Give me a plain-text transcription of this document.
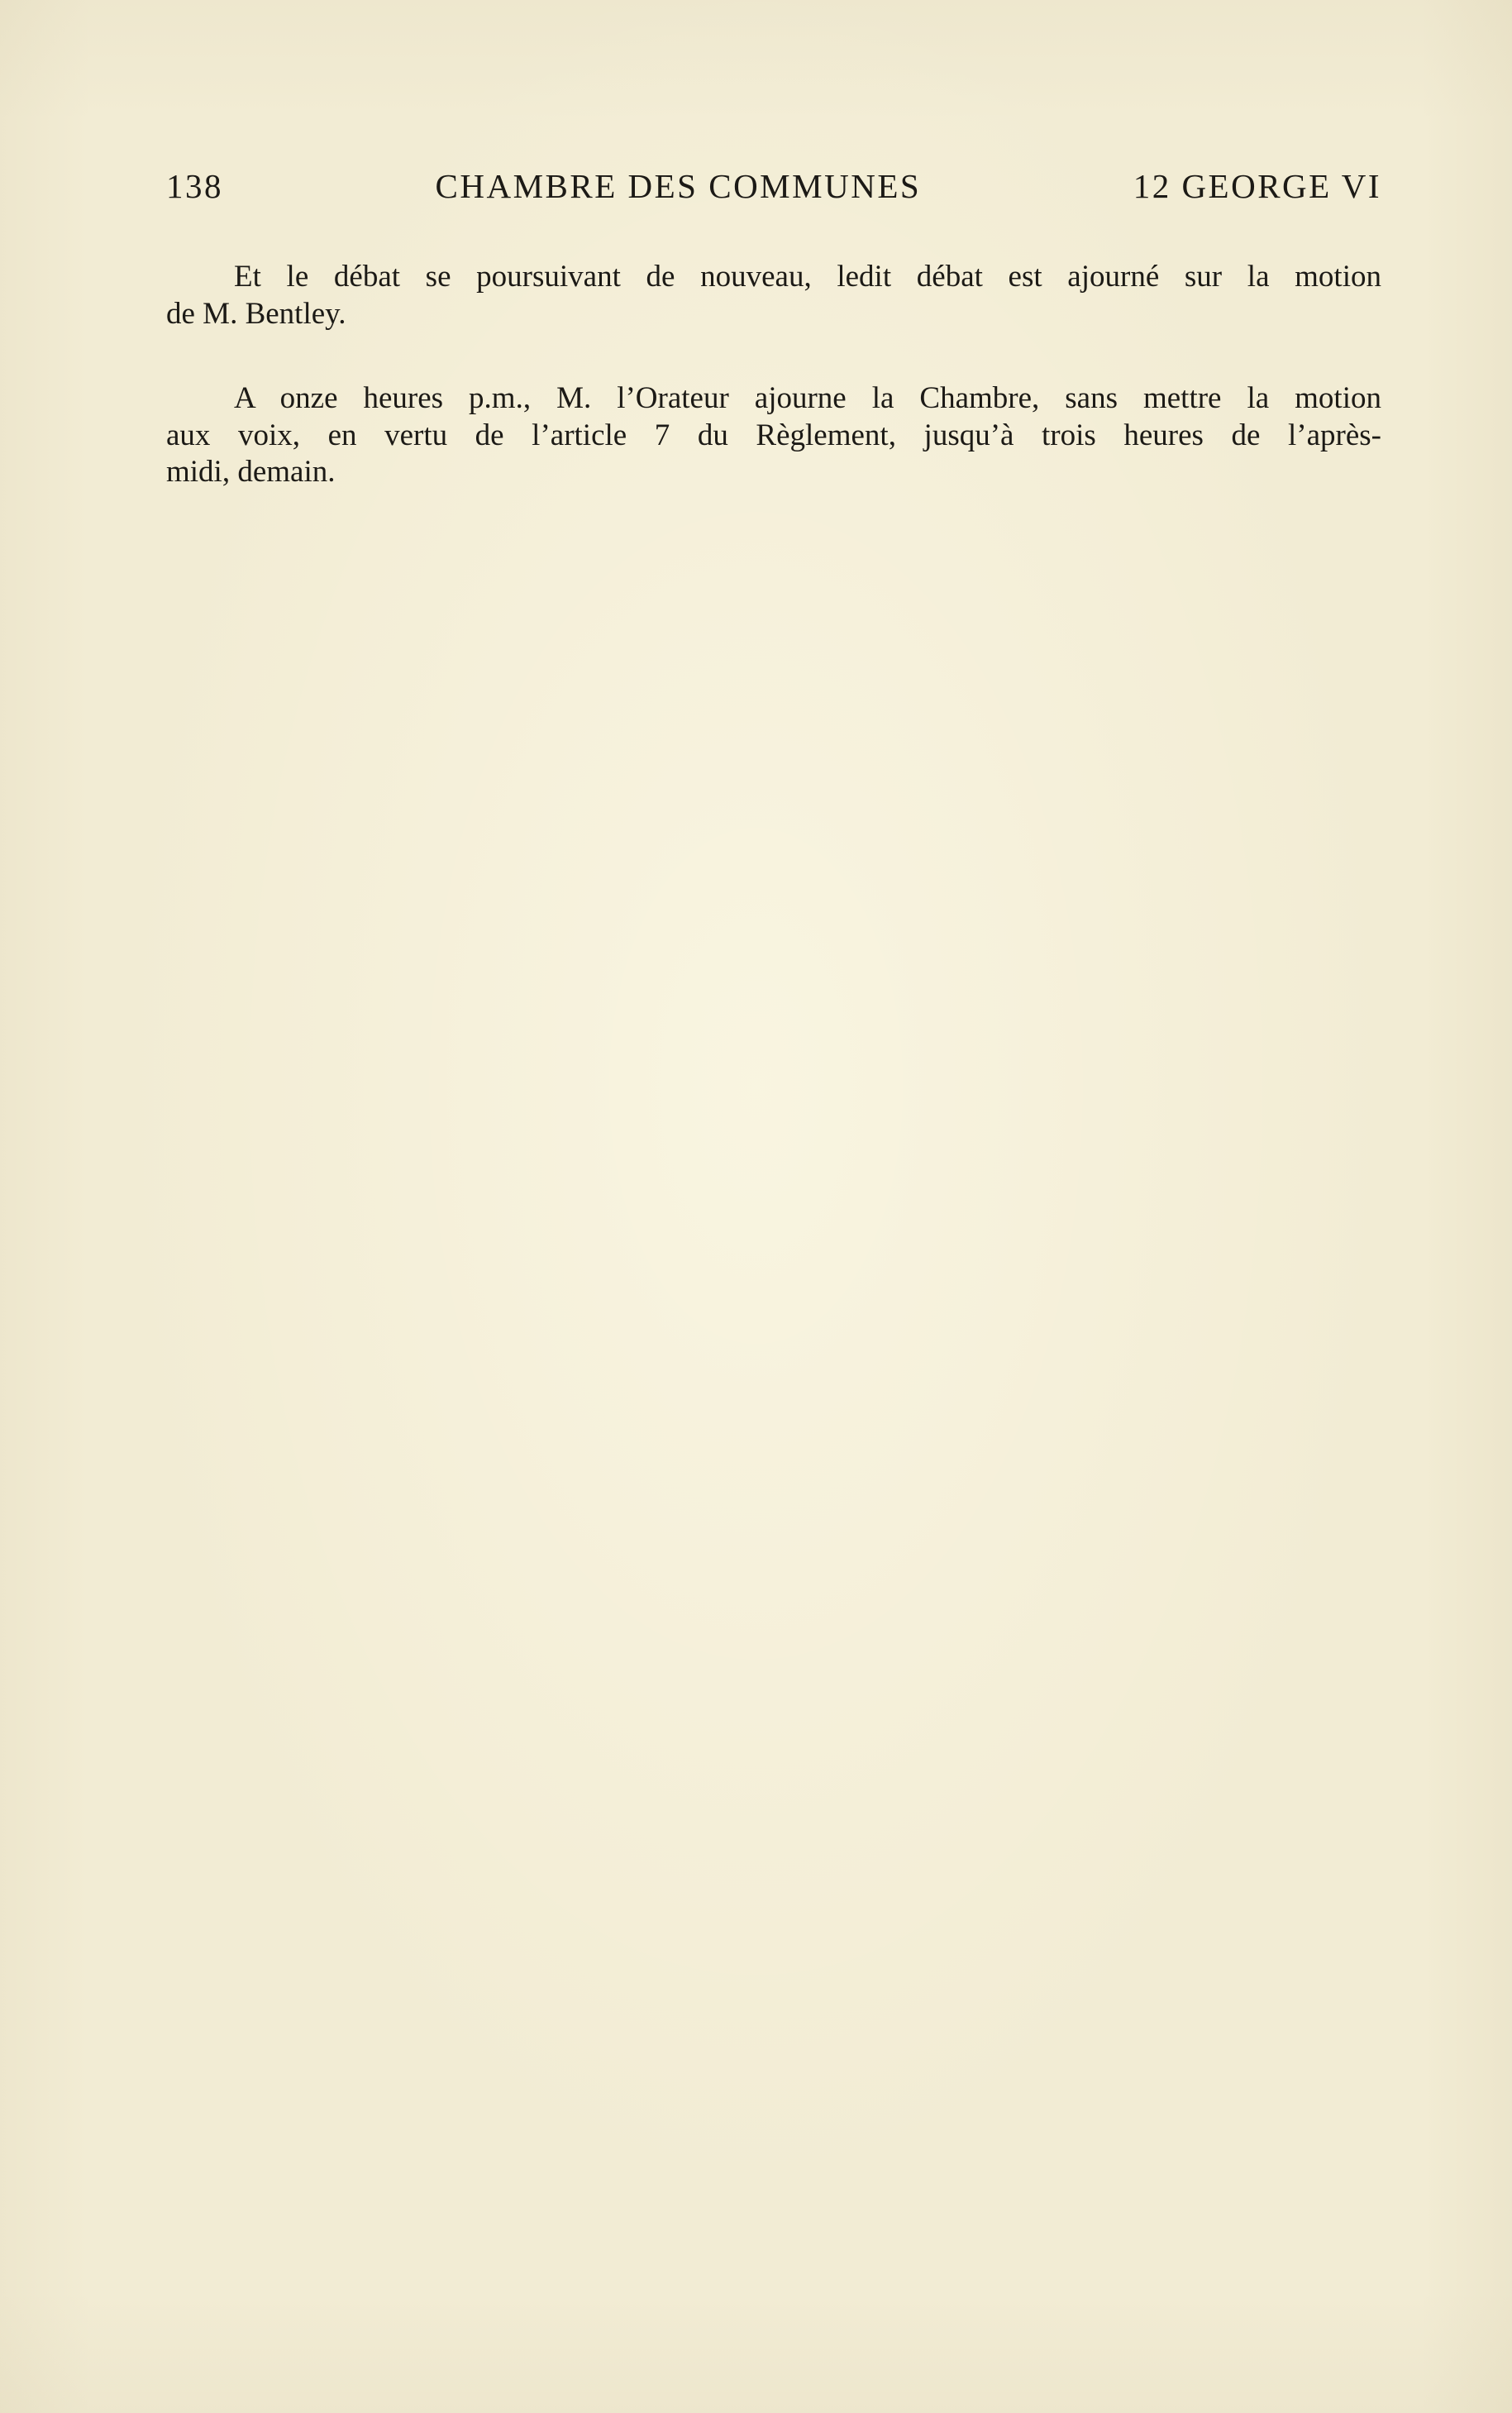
138	CHAMBRE DES COMMUNES	12 GEORGE VI
Et le débat se poursuivant de nouveau, ledit débat est ajourné sur la motion
de M. Bentley.
A onze heures p.m., M. l’Orateur ajourne la Chambre, sans mettre la motion
aux voix, en vertu de l’article 7 du Règlement, jusqu’à trois heures de l’après-
midi, demain.
